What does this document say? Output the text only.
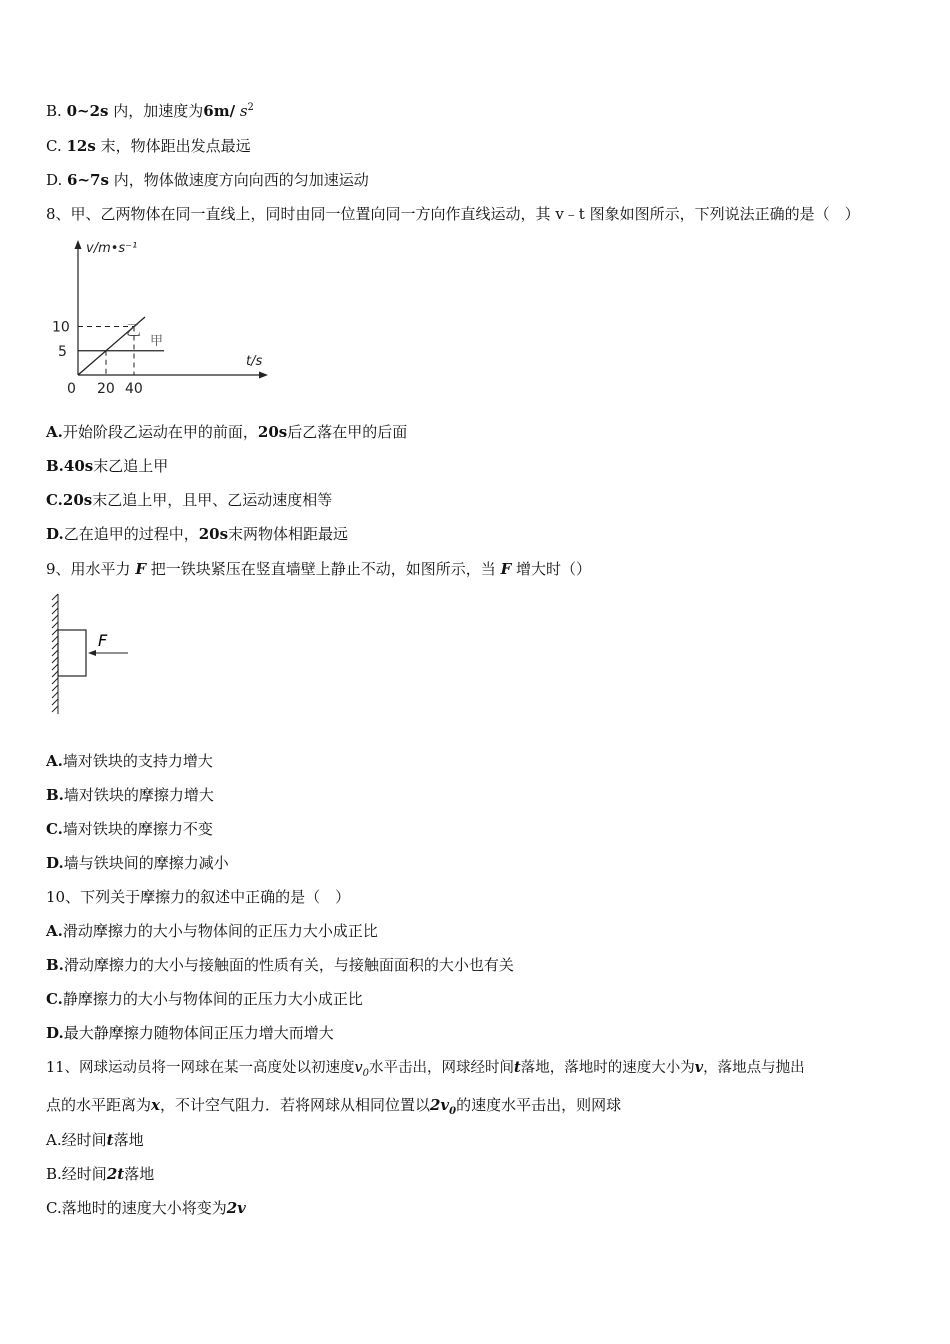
B. 0~2s 内，加速度为6m/ $s^2$
C. 12s 末，物体距出发点最远
D. 6~7s 内，物体做速度方向向西的匀加速运动
8、甲、乙两物体在同一直线上，同时由同一位置向同一方向作直线运动，其 v﹣t 图象如图所示，下列说法正确的是（　）
甲
乙
v/m•s⁻¹
t/s
10
5
0 20 40
A.开始阶段乙运动在甲的前面，20s后乙落在甲的后面
B.40s末乙追上甲
C.20s末乙追上甲，且甲、乙运动速度相等
D.乙在追甲的过程中，20s末两物体相距最远
9、用水平力 F 把一铁块紧压在竖直墙壁上静止不动，如图所示，当 F 增大时（）
F
A.墙对铁块的支持力增大
B.墙对铁块的摩擦力增大
C.墙对铁块的摩擦力不变
D.墙与铁块间的摩擦力减小
10、下列关于摩擦力的叙述中正确的是（　）
A.滑动摩擦力的大小与物体间的正压力大小成正比
B.滑动摩擦力的大小与接触面的性质有关，与接触面面积的大小也有关
C.静摩擦力的大小与物体间的正压力大小成正比
D.最大静摩擦力随物体间正压力增大而增大
11、网球运动员将一网球在某一高度处以初速度$v_0$水平击出，网球经时间t落地，落地时的速度大小为v，落地点与抛出
点的水平距离为x，不计空气阻力．若将网球从相同位置以$2v_0$的速度水平击出，则网球
A.经时间t落地
B.经时间2t落地
C.落地时的速度大小将变为2v
